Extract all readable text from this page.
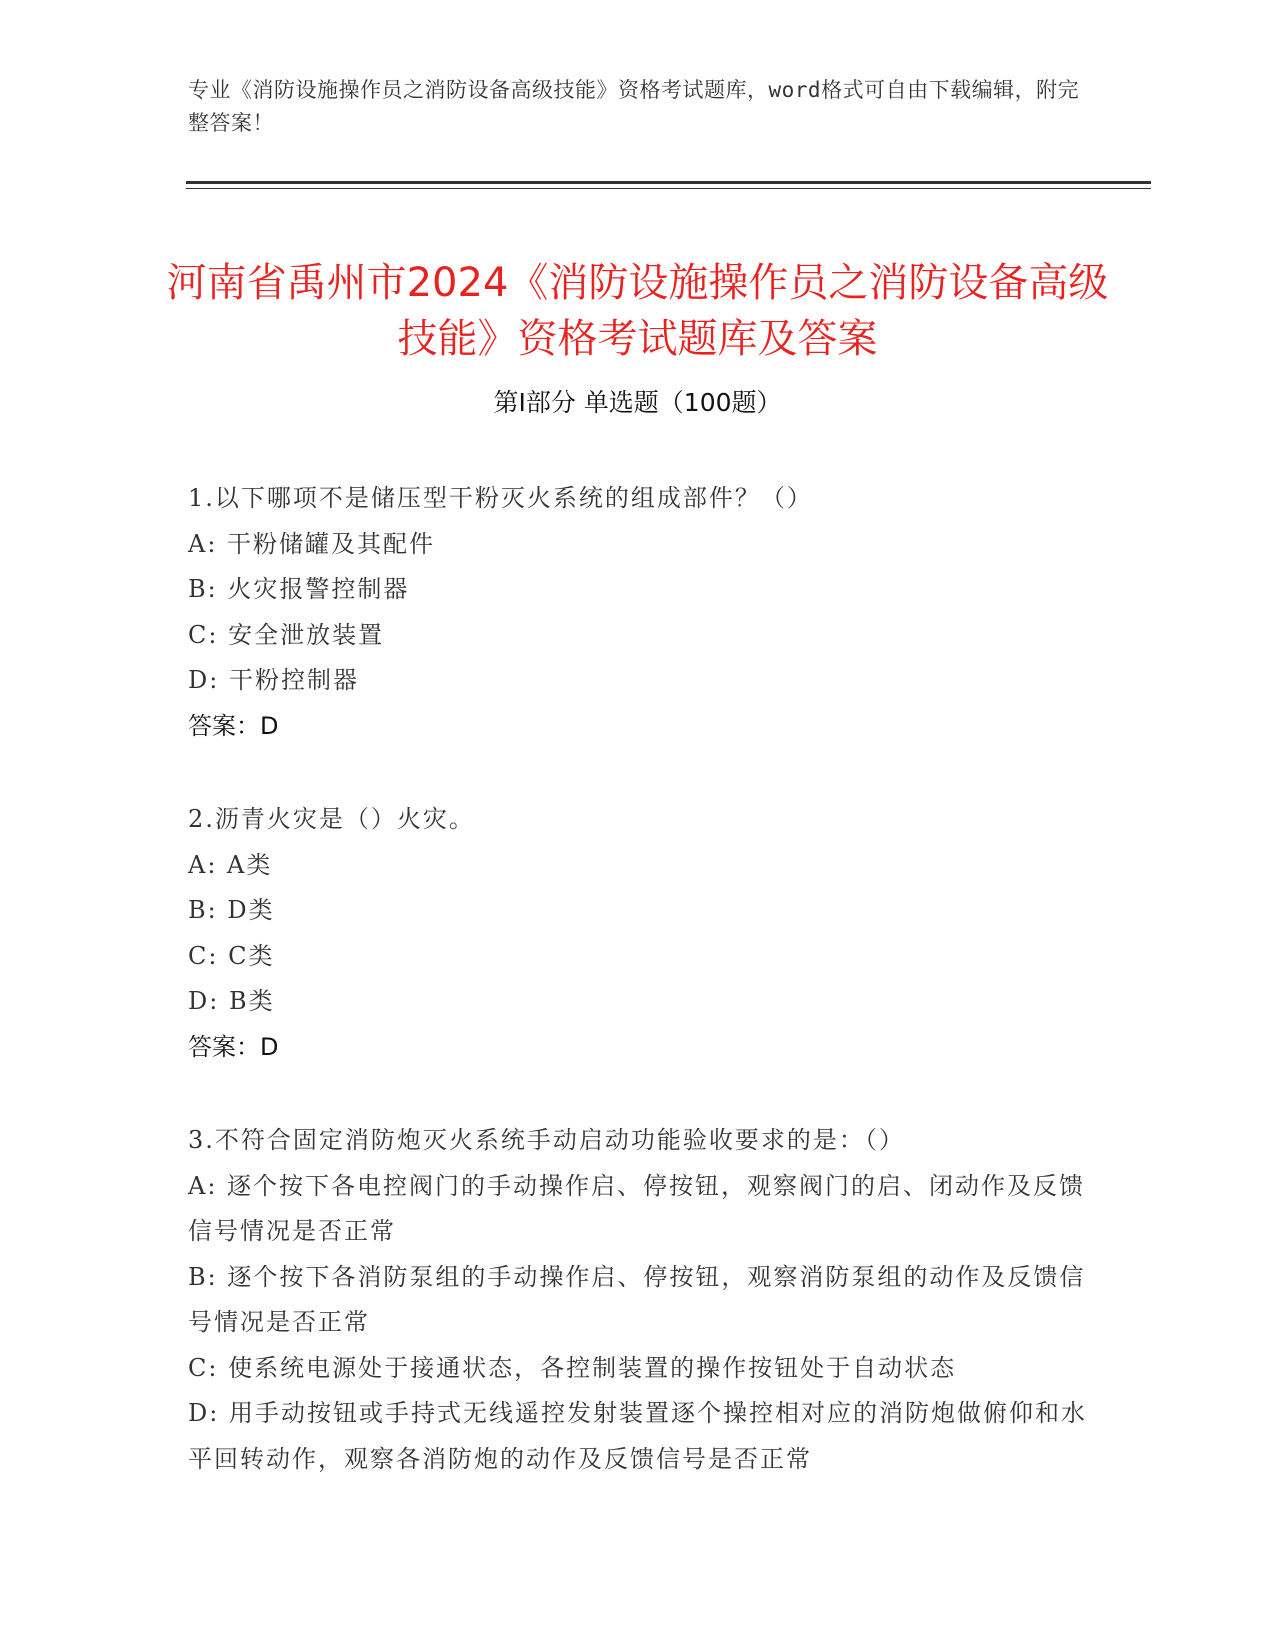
专业《消防设施操作员之消防设备高级技能》资格考试题库，word格式可自由下载编辑，附完整答案！
河南省禹州市2024《消防设施操作员之消防设备高级技能》资格考试题库及答案
第I部分 单选题（100题）
1.以下哪项不是储压型干粉灭火系统的组成部件？（）
A: 干粉储罐及其配件
B: 火灾报警控制器
C: 安全泄放装置
D: 干粉控制器
答案：D
2.沥青火灾是（）火灾。
A: A类
B: D类
C: C类
D: B类
答案：D
3.不符合固定消防炮灭火系统手动启动功能验收要求的是：（）
A: 逐个按下各电控阀门的手动操作启、停按钮，观察阀门的启、闭动作及反馈信号情况是否正常
B: 逐个按下各消防泵组的手动操作启、停按钮，观察消防泵组的动作及反馈信号情况是否正常
C: 使系统电源处于接通状态，各控制装置的操作按钮处于自动状态
D: 用手动按钮或手持式无线遥控发射装置逐个操控相对应的消防炮做俯仰和水平回转动作，观察各消防炮的动作及反馈信号是否正常
